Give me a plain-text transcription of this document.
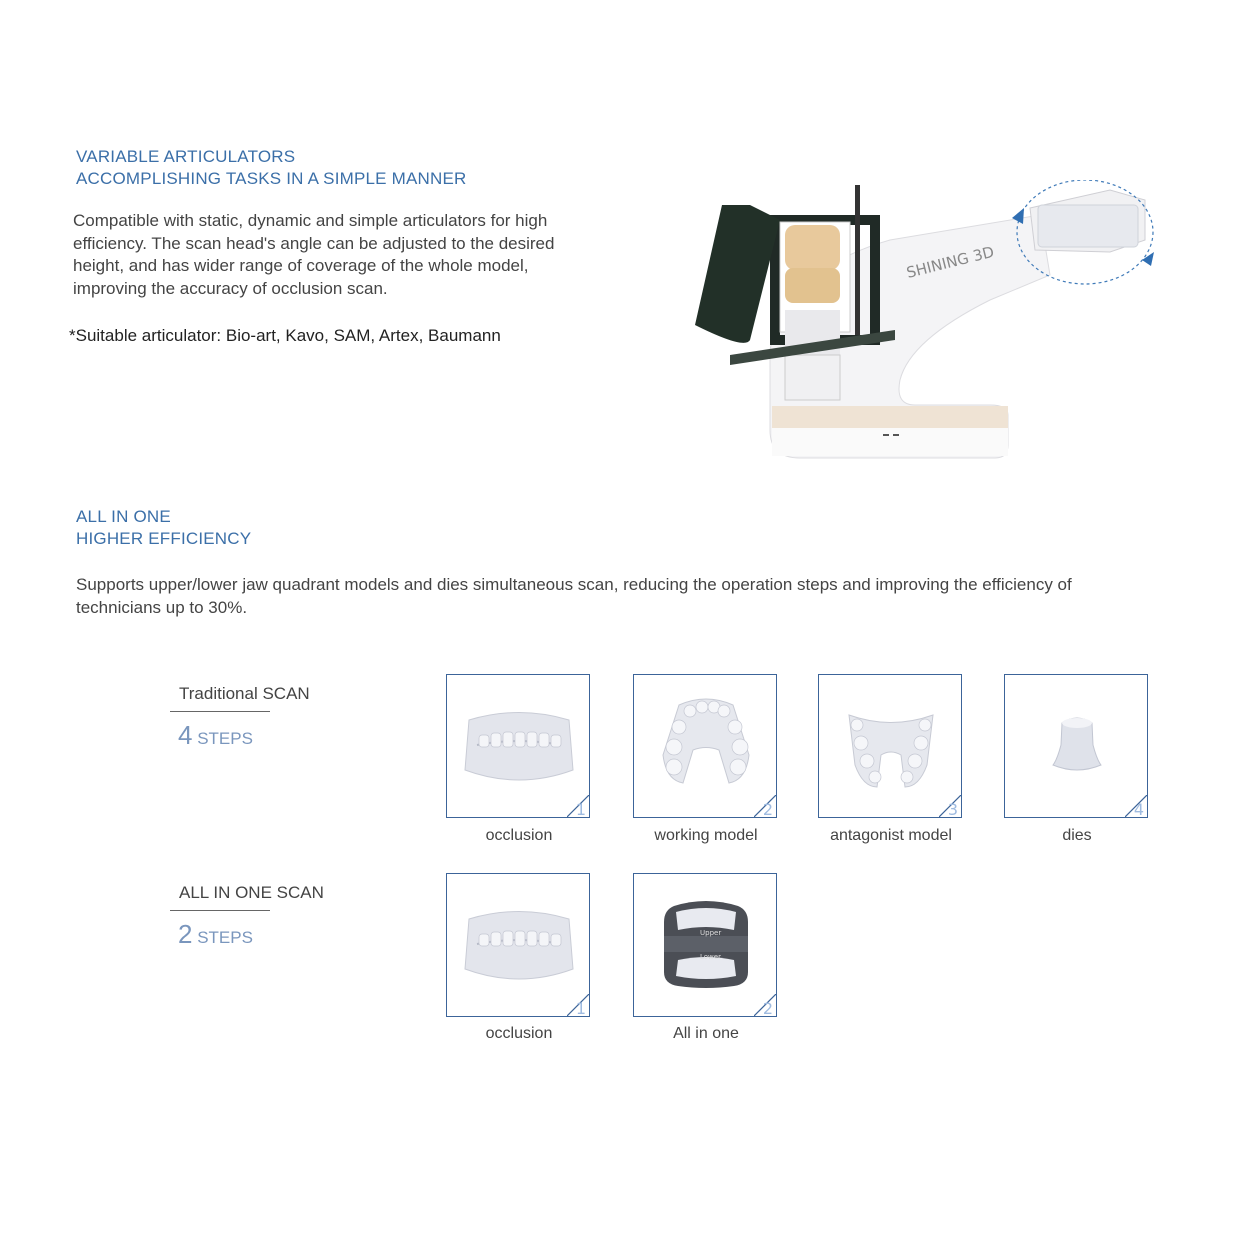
VARIABLE ARTICULATORS
ACCOMPLISHING TASKS IN A SIMPLE MANNER
Compatible with static, dynamic and simple articulators for high
efficiency. The scan head's angle can be adjusted to the desired
height, and has wider range of coverage of the whole model,
improving the accuracy of occlusion scan.
*Suitable articulator: Bio-art, Kavo, SAM, Artex, Baumann
SHINING 3D
ALL IN ONE
HIGHER EFFICIENCY
Supports upper/lower jaw quadrant models and dies simultaneous scan, reducing the operation steps and improving the efficiency of
technicians up to 30%.
Traditional SCAN
4 STEPS
1
occlusion
2
working model
3
antagonist model
4
dies
ALL IN ONE SCAN
2 STEPS
1
occlusion
Upper
Lower
2
All in one
